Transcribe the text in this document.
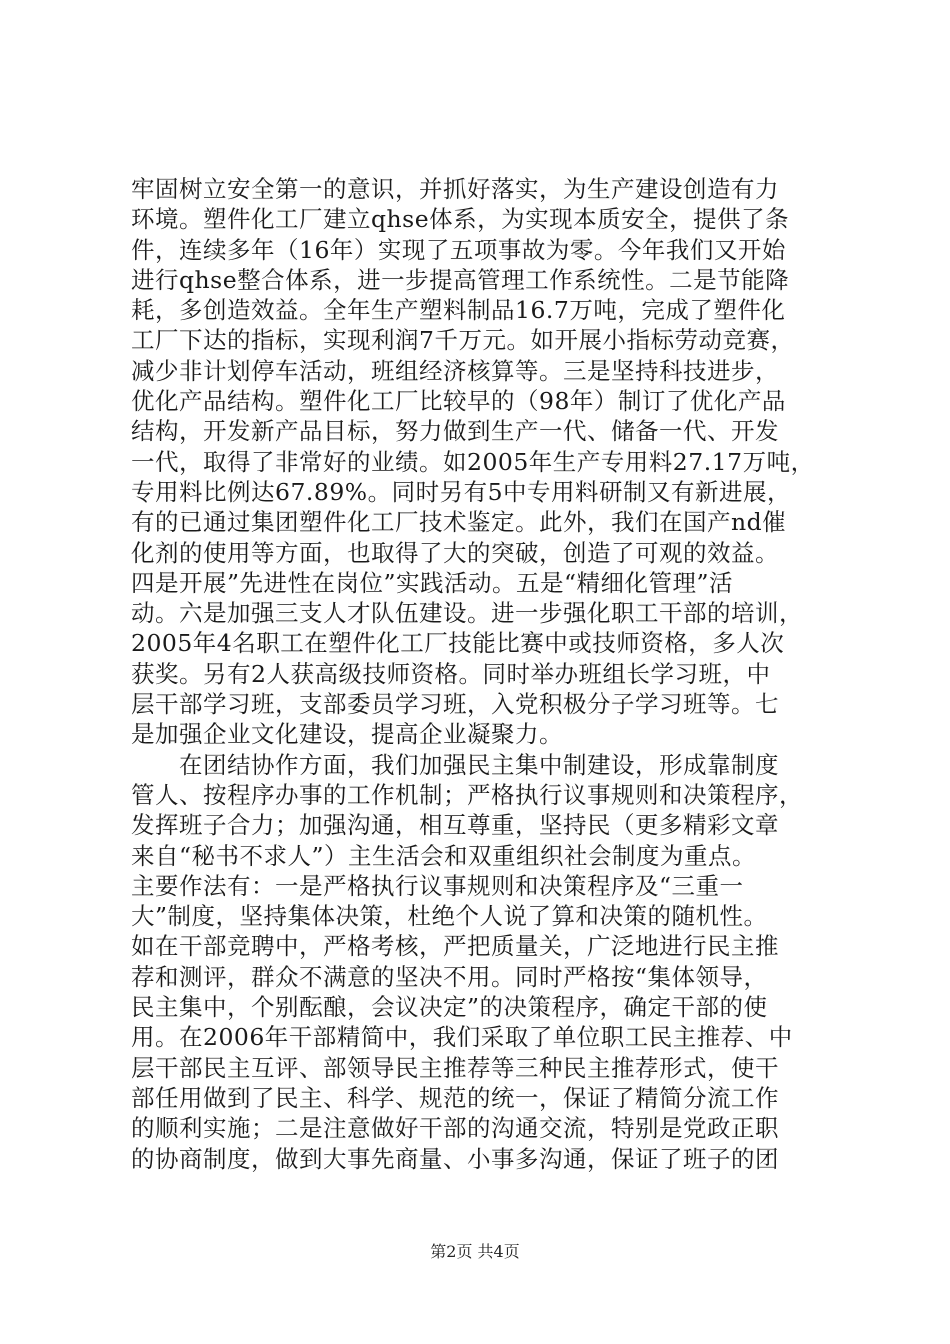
牢固树立安全第一的意识，并抓好落实，为生产建设创造有力
环境。塑件化工厂建立qhse体系，为实现本质安全，提供了条
件，连续多年（16年）实现了五项事故为零。今年我们又开始
进行qhse整合体系，进一步提高管理工作系统性。二是节能降
耗，多创造效益。全年生产塑料制品16.7万吨，完成了塑件化
工厂下达的指标，实现利润7千万元。如开展小指标劳动竞赛，
减少非计划停车活动，班组经济核算等。三是坚持科技进步，
优化产品结构。塑件化工厂比较早的（98年）制订了优化产品
结构，开发新产品目标，努力做到生产一代、储备一代、开发
一代，取得了非常好的业绩。如2005年生产专用料27.17万吨，
专用料比例达67.89%。同时另有5中专用料研制又有新进展，
有的已通过集团塑件化工厂技术鉴定。此外，我们在国产nd催
化剂的使用等方面，也取得了大的突破，创造了可观的效益。
四是开展”先进性在岗位”实践活动。五是“精细化管理”活
动。六是加强三支人才队伍建设。进一步强化职工干部的培训，
2005年4名职工在塑件化工厂技能比赛中或技师资格，多人次
获奖。另有2人获高级技师资格。同时举办班组长学习班，中
层干部学习班，支部委员学习班，入党积极分子学习班等。七
是加强企业文化建设，提高企业凝聚力。
在团结协作方面，我们加强民主集中制建设，形成靠制度
管人、按程序办事的工作机制；严格执行议事规则和决策程序，
发挥班子合力；加强沟通，相互尊重，坚持民（更多精彩文章
来自“秘书不求人”）主生活会和双重组织社会制度为重点。
主要作法有：一是严格执行议事规则和决策程序及“三重一
大”制度，坚持集体决策，杜绝个人说了算和决策的随机性。
如在干部竞聘中，严格考核，严把质量关，广泛地进行民主推
荐和测评，群众不满意的坚决不用。同时严格按“集体领导，
民主集中，个别酝酿，会议决定”的决策程序，确定干部的使
用。在2006年干部精简中，我们采取了单位职工民主推荐、中
层干部民主互评、部领导民主推荐等三种民主推荐形式，使干
部任用做到了民主、科学、规范的统一，保证了精简分流工作
的顺利实施；二是注意做好干部的沟通交流，特别是党政正职
的协商制度，做到大事先商量、小事多沟通，保证了班子的团
第2页 共4页
